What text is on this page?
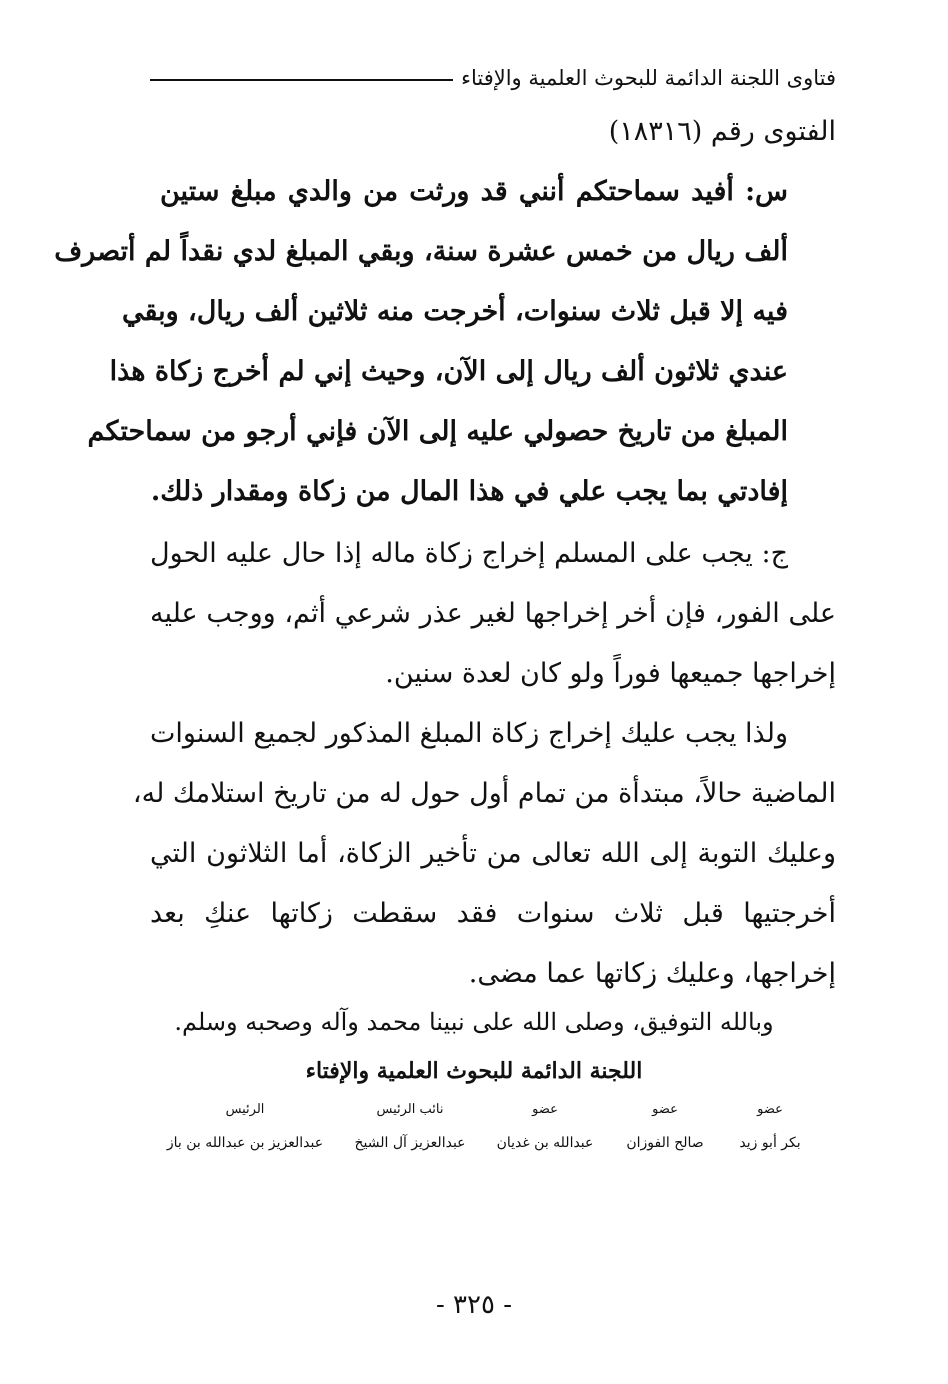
فتاوى اللجنة الدائمة للبحوث العلمية والإفتاء
الفتوى رقم (١٨٣١٦)
س: أفيد سماحتكم أنني قد ورثت من والدي مبلغ ستين
ألف ريال من خمس عشرة سنة، وبقي المبلغ لدي نقداً لم أتصرف
فيه إلا قبل ثلاث سنوات، أخرجت منه ثلاثين ألف ريال، وبقي
عندي ثلاثون ألف ريال إلى الآن، وحيث إني لم أخرج زكاة هذا
المبلغ من تاريخ حصولي عليه إلى الآن فإني أرجو من سماحتكم
إفادتي بما يجب علي في هذا المال من زكاة ومقدار ذلك.
ج: يجب على المسلم إخراج زكاة ماله إذا حال عليه الحول
على الفور، فإن أخر إخراجها لغير عذر شرعي أثم، ووجب عليه
إخراجها جميعها فوراً ولو كان لعدة سنين.
ولذا يجب عليك إخراج زكاة المبلغ المذكور لجميع السنوات
الماضية حالاً، مبتدأة من تمام أول حول له من تاريخ استلامك له،
وعليك التوبة إلى الله تعالى من تأخير الزكاة، أما الثلاثون التي
أخرجتيها قبل ثلاث سنوات فقد سقطت زكاتها عنكِ بعد
إخراجها، وعليك زكاتها عما مضى.
وبالله التوفيق، وصلى الله على نبينا محمد وآله وصحبه وسلم.
اللجنة الدائمة للبحوث العلمية والإفتاء
عضو
بكر أبو زيد
عضو
صالح الفوزان
عضو
عبدالله بن غديان
نائب الرئيس
عبدالعزيز آل الشيخ
الرئيس
عبدالعزيز بن عبدالله بن باز
- ٣٢٥ -
